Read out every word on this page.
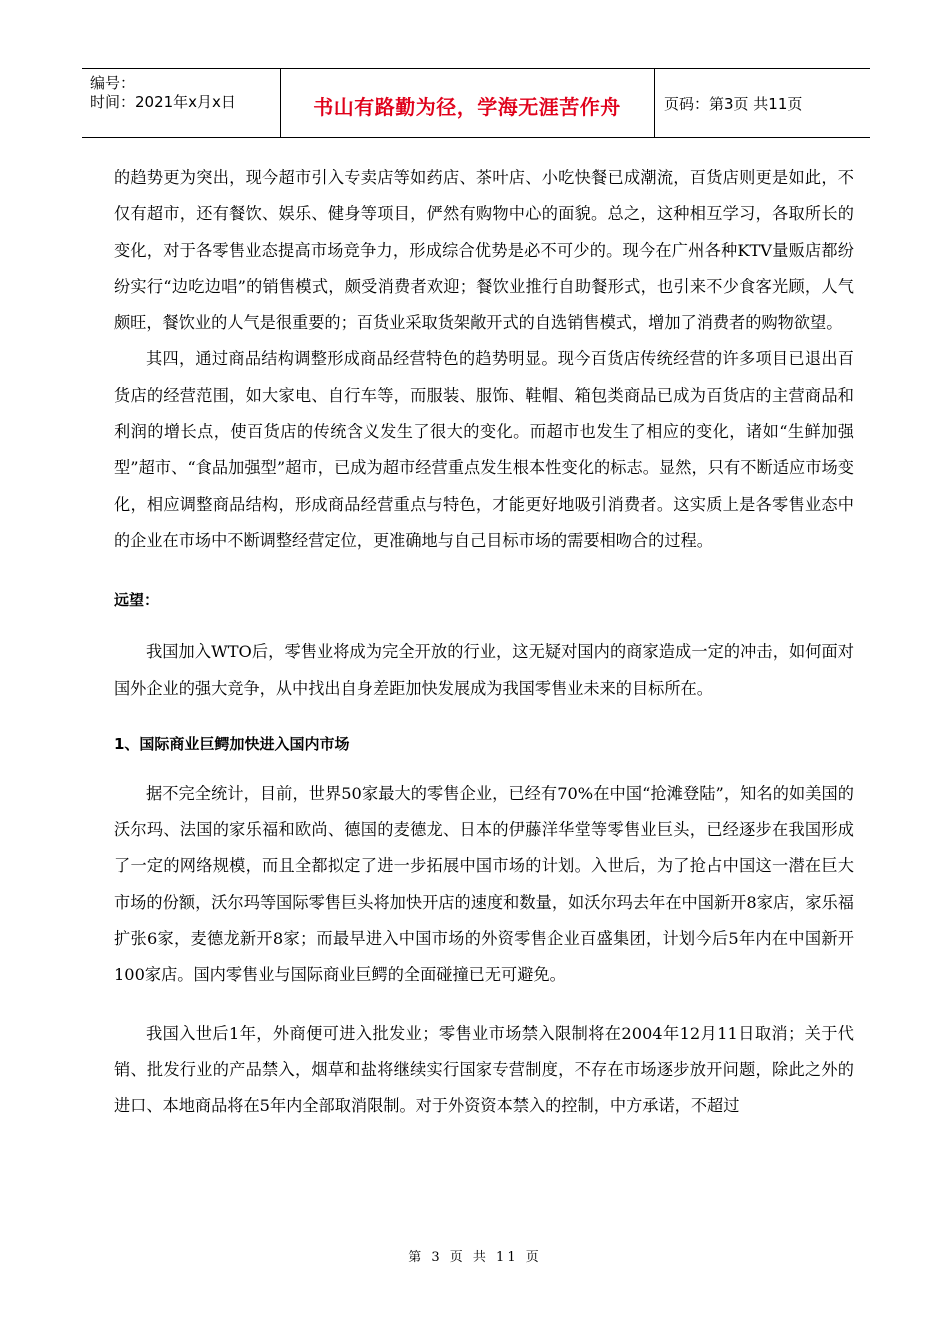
编号：
时间：2021年x月x日	书山有路勤为径，学海无涯苦作舟	页码：第3页 共11页

的趋势更为突出，现今超市引入专卖店等如药店、茶叶店、小吃快餐已成潮流，百货店则更是如此，不仅有超市，还有餐饮、娱乐、健身等项目，俨然有购物中心的面貌。总之，这种相互学习，各取所长的变化，对于各零售业态提高市场竞争力，形成综合优势是必不可少的。现今在广州各种KTV量贩店都纷纷实行“边吃边唱”的销售模式，颇受消费者欢迎；餐饮业推行自助餐形式，也引来不少食客光顾，人气颇旺，餐饮业的人气是很重要的；百货业采取货架敞开式的自选销售模式，增加了消费者的购物欲望。

其四，通过商品结构调整形成商品经营特色的趋势明显。现今百货店传统经营的许多项目已退出百货店的经营范围，如大家电、自行车等，而服装、服饰、鞋帽、箱包类商品已成为百货店的主营商品和利润的增长点，使百货店的传统含义发生了很大的变化。而超市也发生了相应的变化，诸如“生鲜加强型”超市、“食品加强型”超市，已成为超市经营重点发生根本性变化的标志。显然，只有不断适应市场变化，相应调整商品结构，形成商品经营重点与特色，才能更好地吸引消费者。这实质上是各零售业态中的企业在市场中不断调整经营定位，更准确地与自己目标市场的需要相吻合的过程。

远望：

我国加入WTO后，零售业将成为完全开放的行业，这无疑对国内的商家造成一定的冲击，如何面对国外企业的强大竞争，从中找出自身差距加快发展成为我国零售业未来的目标所在。

1、国际商业巨鳄加快进入国内市场

据不完全统计，目前，世界50家最大的零售企业，已经有70%在中国“抢滩登陆”，知名的如美国的沃尔玛、法国的家乐福和欧尚、德国的麦德龙、日本的伊藤洋华堂等零售业巨头，已经逐步在我国形成了一定的网络规模，而且全都拟定了进一步拓展中国市场的计划。入世后，为了抢占中国这一潜在巨大市场的份额，沃尔玛等国际零售巨头将加快开店的速度和数量，如沃尔玛去年在中国新开8家店，家乐福扩张6家，麦德龙新开8家；而最早进入中国市场的外资零售企业百盛集团，计划今后5年内在中国新开100家店。国内零售业与国际商业巨鳄的全面碰撞已无可避免。

我国入世后1年，外商便可进入批发业；零售业市场禁入限制将在2004年12月11日取消；关于代销、批发行业的产品禁入，烟草和盐将继续实行国家专营制度，不存在市场逐步放开问题，除此之外的进口、本地商品将在5年内全部取消限制。对于外资资本禁入的控制，中方承诺，不超过

第 3 页 共 11 页
